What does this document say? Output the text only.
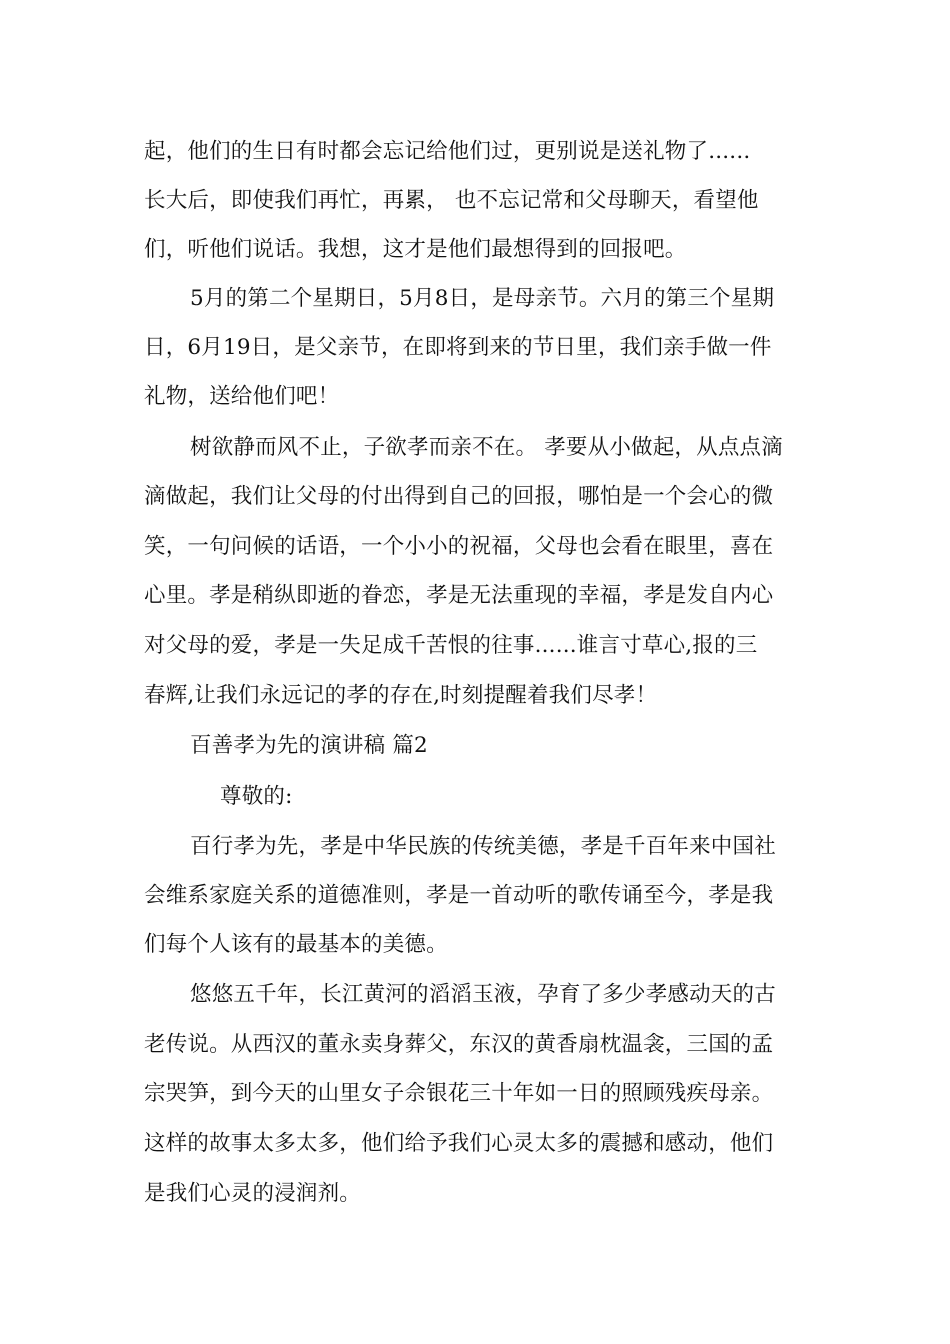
起，他们的生日有时都会忘记给他们过，更别说是送礼物了......
长大后，即使我们再忙，再累， 也不忘记常和父母聊天，看望他
们，听他们说话。我想，这才是他们最想得到的回报吧。
5月的第二个星期日，5月8日，是母亲节。六月的第三个星期
日，6月19日，是父亲节，在即将到来的节日里，我们亲手做一件
礼物，送给他们吧！
树欲静而风不止，子欲孝而亲不在。 孝要从小做起，从点点滴
滴做起，我们让父母的付出得到自己的回报，哪怕是一个会心的微
笑，一句问候的话语，一个小小的祝福，父母也会看在眼里，喜在
心里。孝是稍纵即逝的眷恋，孝是无法重现的幸福，孝是发自内心
对父母的爱，孝是一失足成千苦恨的往事......谁言寸草心,报的三
春辉,让我们永远记的孝的存在,时刻提醒着我们尽孝！
百善孝为先的演讲稿 篇2
尊敬的:
百行孝为先，孝是中华民族的传统美德，孝是千百年来中国社
会维系家庭关系的道德准则，孝是一首动听的歌传诵至今，孝是我
们每个人该有的最基本的美德。
悠悠五千年，长江黄河的滔滔玉液，孕育了多少孝感动天的古
老传说。从西汉的董永卖身葬父，东汉的黄香扇枕温衾，三国的孟
宗哭笋，到今天的山里女子佘银花三十年如一日的照顾残疾母亲。
这样的故事太多太多，他们给予我们心灵太多的震撼和感动，他们
是我们心灵的浸润剂。
